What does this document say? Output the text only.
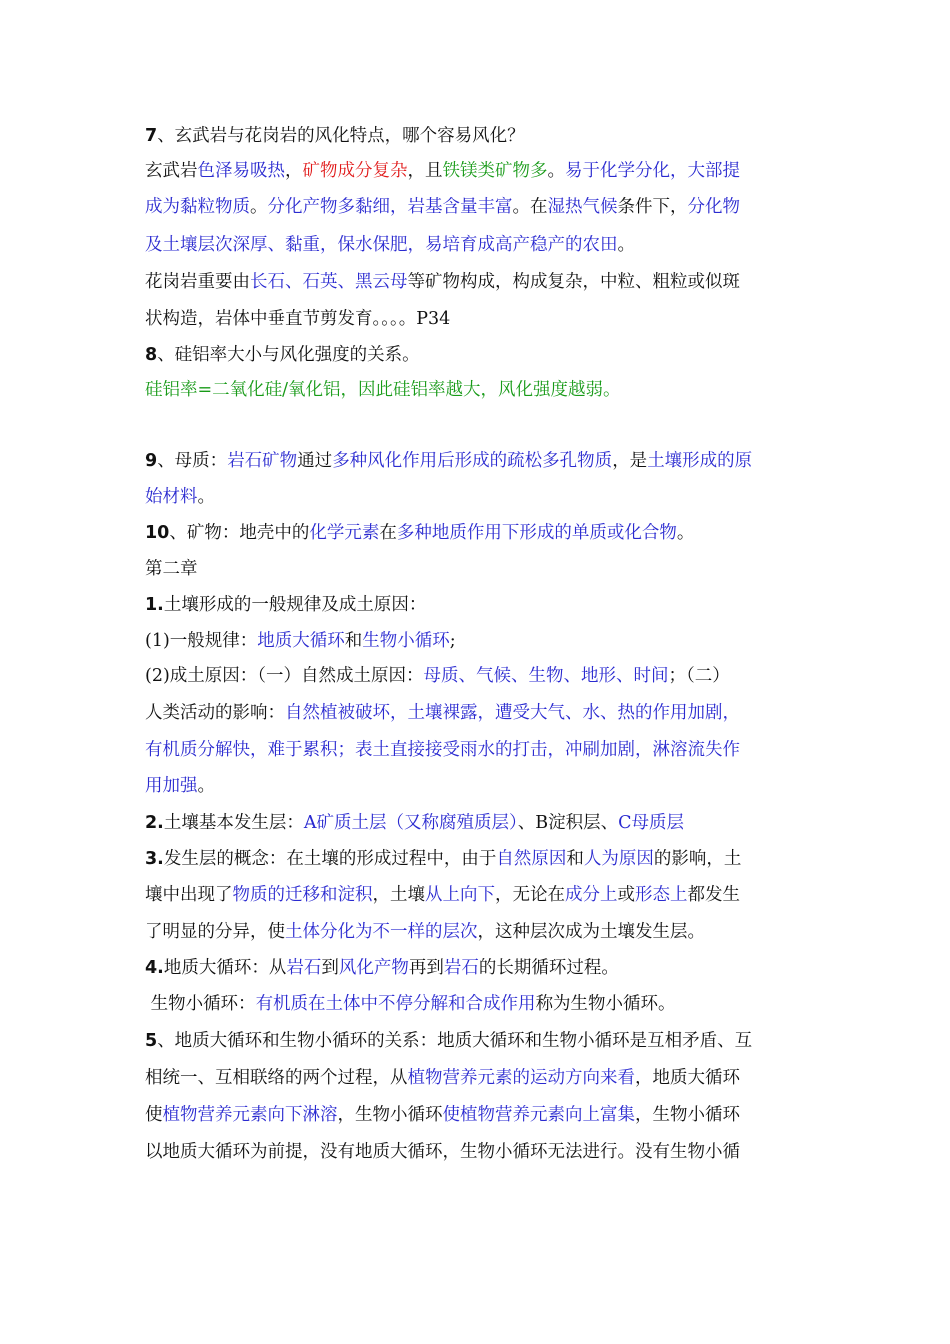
7、玄武岩与花岗岩的风化特点，哪个容易风化？
玄武岩色泽易吸热，矿物成分复杂，且铁镁类矿物多。易于化学分化，大部提
成为黏粒物质。分化产物多黏细，岩基含量丰富。在湿热气候条件下，分化物
及土壤层次深厚、黏重，保水保肥，易培育成高产稳产的农田。
花岗岩重要由长石、石英、黑云母等矿物构成，构成复杂，中粒、粗粒或似斑
状构造，岩体中垂直节剪发育。。。。P34
8、硅铝率大小与风化强度的关系。
硅铝率=二氧化硅/氧化铝，因此硅铝率越大，风化强度越弱。
9、母质：岩石矿物通过多种风化作用后形成的疏松多孔物质，是土壤形成的原
始材料。
10、矿物：地壳中的化学元素在多种地质作用下形成的单质或化合物。
第二章
1.土壤形成的一般规律及成土原因：
(1)一般规律：地质大循环和生物小循环;
(2)成土原因：（一）自然成土原因：母质、气候、生物、地形、时间；（二）
人类活动的影响：自然植被破坏，土壤裸露，遭受大气、水、热的作用加剧，
有机质分解快，难于累积；表土直接接受雨水的打击，冲刷加剧，淋溶流失作
用加强。
2.土壤基本发生层：A矿质土层（又称腐殖质层）、B淀积层、C母质层
3.发生层的概念：在土壤的形成过程中，由于自然原因和人为原因的影响，土
壤中出现了物质的迁移和淀积，土壤从上向下，无论在成分上或形态上都发生
了明显的分异，使土体分化为不一样的层次，这种层次成为土壤发生层。
4.地质大循环：从岩石到风化产物再到岩石的长期循环过程。
生物小循环：有机质在土体中不停分解和合成作用称为生物小循环。
5、地质大循环和生物小循环的关系：地质大循环和生物小循环是互相矛盾、互
相统一、互相联络的两个过程，从植物营养元素的运动方向来看，地质大循环
使植物营养元素向下淋溶，生物小循环使植物营养元素向上富集，生物小循环
以地质大循环为前提，没有地质大循环，生物小循环无法进行。没有生物小循
